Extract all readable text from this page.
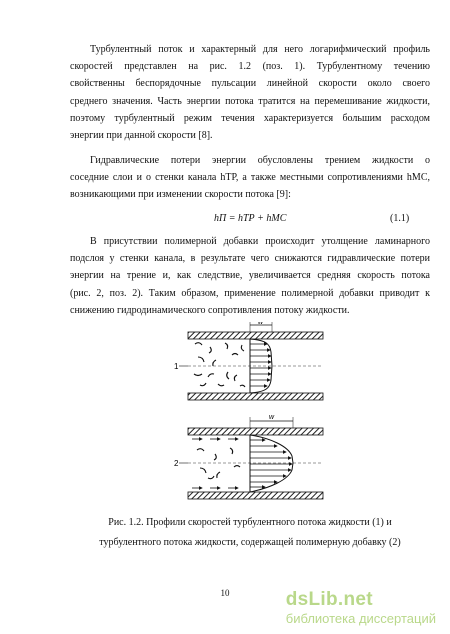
Турбулентный поток и характерный для него логарифмический профиль
скоростей представлен на рис. 1.2 (поз. 1). Турбулентному течению
свойственны беспорядочные пульсации линейной скорости около своего
среднего значения. Часть энергии потока тратится на перемешивание жидкости,
поэтому турбулентный режим течения характеризуется большим расходом
энергии при данной скорости [8].

Гидравлические потери энергии обусловлены трением жидкости о
соседние слои и о стенки канала hТР, а также местными сопротивлениями hМС,
возникающими при изменении скорости потока [9]:

hП = hТР + hМС	(1.1)

В присутствии полимерной добавки происходит утолщение ламинарного
подслоя у стенки канала, в результате чего снижаются гидравлические потери
энергии на трение и, как следствие, увеличивается средняя скорость потока
(рис. 2, поз. 2). Таким образом, применение полимерной добавки приводит к
снижению гидродинамического сопротивления потоку жидкости.

w
1
w
2
Рис. 1.2. Профили скоростей турбулентного потока жидкости (1) и
турбулентного потока жидкости, содержащей полимерную добавку (2)
10	dsLib.net
библиотека диссертаций
